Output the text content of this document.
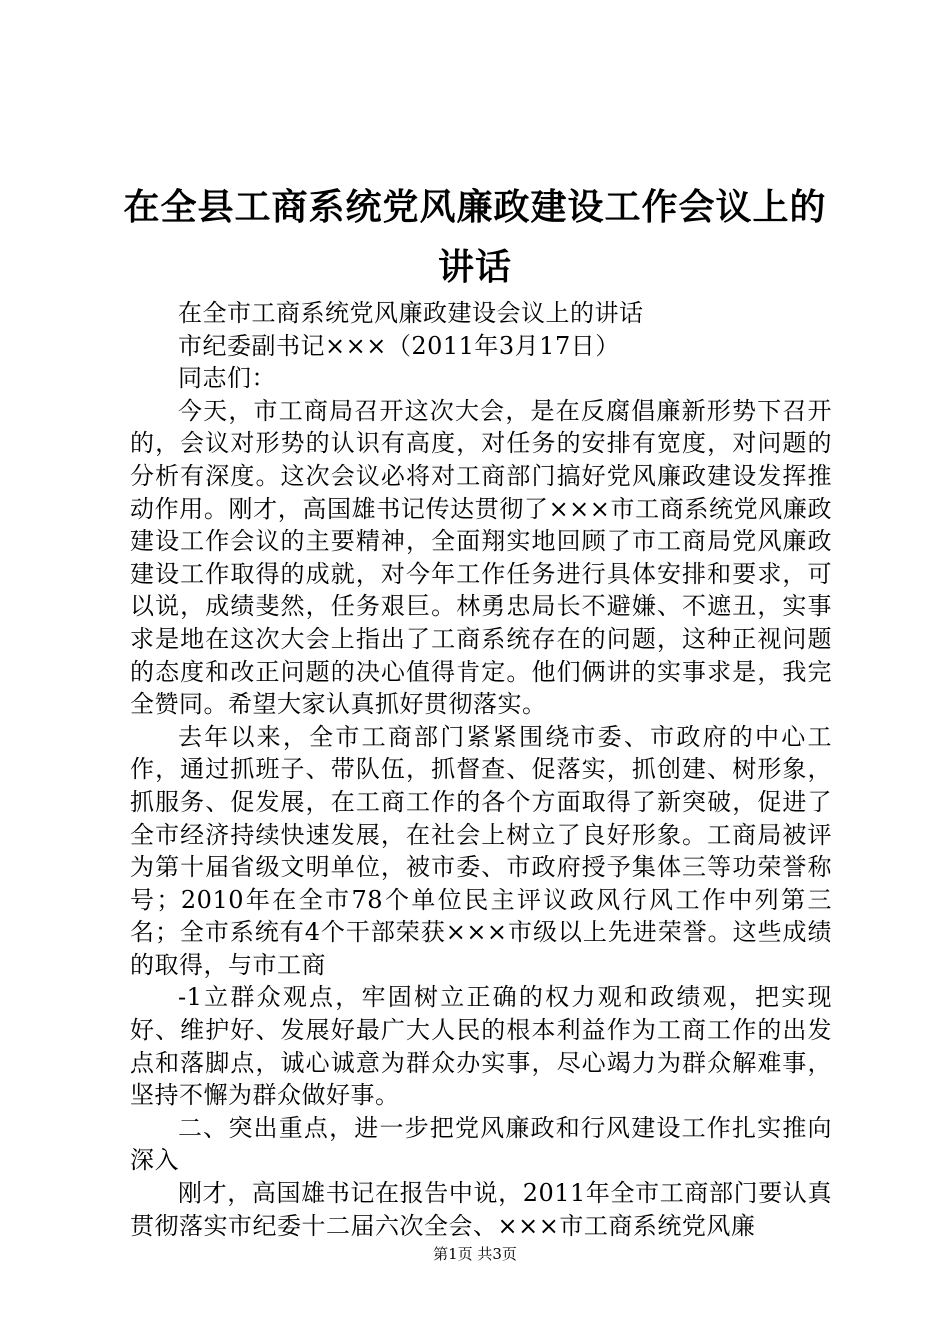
在全县工商系统党风廉政建设工作会议上的讲话

在全市工商系统党风廉政建设会议上的讲话

市纪委副书记×××（2011年3月17日）

同志们：

今天，市工商局召开这次大会，是在反腐倡廉新形势下召开的，会议对形势的认识有高度，对任务的安排有宽度，对问题的分析有深度。这次会议必将对工商部门搞好党风廉政建设发挥推动作用。刚才，高国雄书记传达贯彻了×××市工商系统党风廉政建设工作会议的主要精神，全面翔实地回顾了市工商局党风廉政建设工作取得的成就，对今年工作任务进行具体安排和要求，可以说，成绩斐然，任务艰巨。林勇忠局长不避嫌、不遮丑，实事求是地在这次大会上指出了工商系统存在的问题，这种正视问题的态度和改正问题的决心值得肯定。他们俩讲的实事求是，我完全赞同。希望大家认真抓好贯彻落实。

去年以来，全市工商部门紧紧围绕市委、市政府的中心工作，通过抓班子、带队伍，抓督查、促落实，抓创建、树形象，抓服务、促发展，在工商工作的各个方面取得了新突破，促进了全市经济持续快速发展，在社会上树立了良好形象。工商局被评为第十届省级文明单位，被市委、市政府授予集体三等功荣誉称号；2010年在全市78个单位民主评议政风行风工作中列第三名；全市系统有4个干部荣获×××市级以上先进荣誉。这些成绩的取得，与市工商

-1立群众观点，牢固树立正确的权力观和政绩观，把实现好、维护好、发展好最广大人民的根本利益作为工商工作的出发点和落脚点，诚心诚意为群众办实事，尽心竭力为群众解难事，坚持不懈为群众做好事。

二、突出重点，进一步把党风廉政和行风建设工作扎实推向深入

刚才，高国雄书记在报告中说，2011年全市工商部门要认真贯彻落实市纪委十二届六次全会、×××市工商系统党风廉

第1页 共3页
